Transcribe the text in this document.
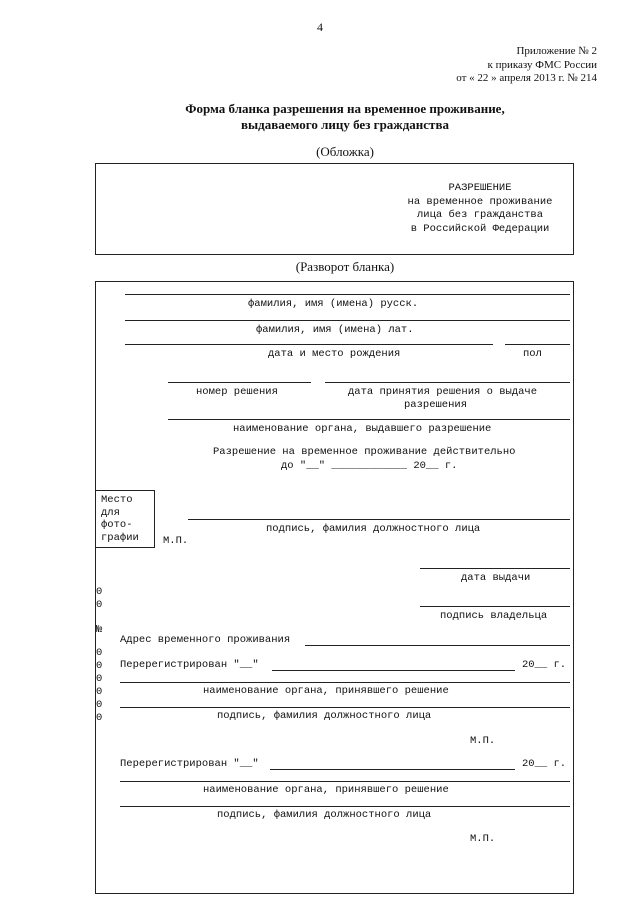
4
Приложение № 2
к приказу ФМС России
от « 22 » апреля 2013 г. № 214
Форма бланка разрешения на временное проживание,
выдаваемого лицу без гражданства
(Обложка)
РАЗРЕШЕНИЕ
на временное проживание
лица без гражданства
в Российской Федерации
(Разворот бланка)
фамилия, имя (имена) русск.
фамилия, имя (имена) лат.
дата и место рождения	пол
номер решения	дата принятия решения о выдаче
разрешения
наименование органа, выдавшего разрешение
Разрешение на временное проживание действительно
до "__" ____________ 20__ г.
Место
для
фото-
графии
подпись, фамилия должностного лица
М.П.
дата выдачи
подпись владельца
Адрес временного проживания
Перерегистрирован "__"	20__ г.
наименование органа, принявшего решение
подпись, фамилия должностного лица
М.П.
Перерегистрирован "__"	20__ г.
наименование органа, принявшего решение
подпись, фамилия должностного лица
М.П.
0
0
№
0
0
0
0
0
0
